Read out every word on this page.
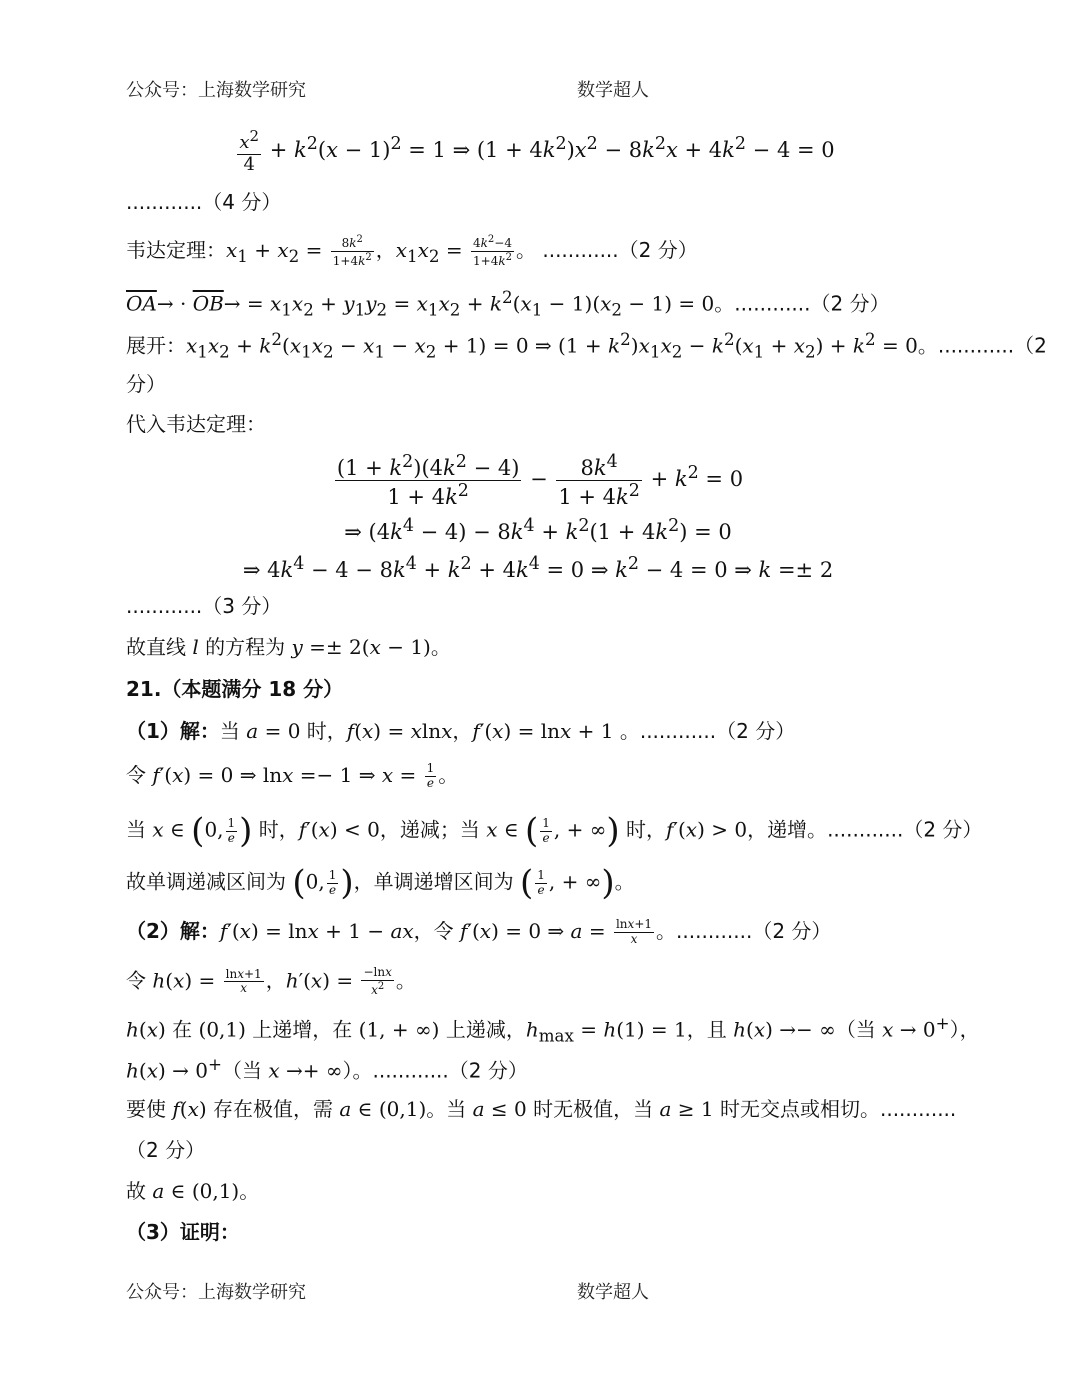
公众号：上海数学研究	数学超人
$\frac{x^2}{4} + k^2(x - 1)^2 = 1$ ⇒ $(1 + 4k^2)x^2 - 8k^2x + 4k^2 - 4 = 0$
............（4 分）
韦达定理：$x_1 + x_2 = \frac{8k^2}{1+4k^2}$ ，$x_1x_2 = \frac{4k^2-4}{1+4k^2}$ 。 ............（2 分）
$\overline{OA}\to \cdot \overline{OB}\to = x_1x_2 + y_1y_2 = x_1x_2 + k^2(x_1 - 1)(x_2 - 1) = 0$。............（2 分）
展开：$x_1x_2 + k^2(x_1x_2 - x_1 - x_2 + 1) = 0$ ⇒ $(1 + k^2)x_1x_2 - k^2(x_1 + x_2) + k^2 = 0$。............（2
分）
代入韦达定理：
$\frac{(1 + k^2)(4k^2 - 4)}{1 + 4k^2} - \frac{8k^4}{1 + 4k^2} + k^2 = 0$
⇒ $(4k^4 - 4) - 8k^4 + k^2(1 + 4k^2) = 0$
⇒ $4k^4 - 4 - 8k^4 + k^2 + 4k^4 = 0$ ⇒ $k^2 - 4 = 0$ ⇒ k =± 2
............（3 分）
故直线 l 的方程为 y =± 2(x − 1)。
21.（本题满分 18 分）
（1）解：当 a = 0 时，f(x) = xlnx，f′(x) = lnx + 1 。............（2 分）
令 f′(x) = 0 ⇒ lnx =− 1 ⇒ $x = \frac{1}{e}$ 。
当 x ∈ (0, $\frac{1}{e}$ ) 时，f′(x) < 0，递减；当 x ∈ ( $\frac{1}{e}$ , + ∞) 时，f′(x) > 0，递增。............（2 分）
故单调递减区间为 (0, $\frac{1}{e}$ )，单调递增区间为 ( $\frac{1}{e}$ , + ∞)。
（2）解：f′(x) = lnx + 1 − ax，令 f′(x) = 0 ⇒ $a = \frac{\ln x+1}{x}$ 。............（2 分）
令 $h(x) = \frac{\ln x+1}{x}$ ，$h'(x) = \frac{-\ln x}{x^2}$ 。
h(x) 在 (0,1) 上递增，在 (1, + ∞) 上递减，$h_{max} = h(1) = 1$，且 h(x) →− ∞（当 x → 0+），
h(x) → 0+（当 x →+ ∞）。............（2 分）
要使 f(x) 存在极值，需 a ∈ (0,1)。当 a ≤ 0 时无极值，当 a ≥ 1 时无交点或相切。............
（2 分）
故 a ∈ (0,1)。
（3）证明：
公众号：上海数学研究	数学超人
